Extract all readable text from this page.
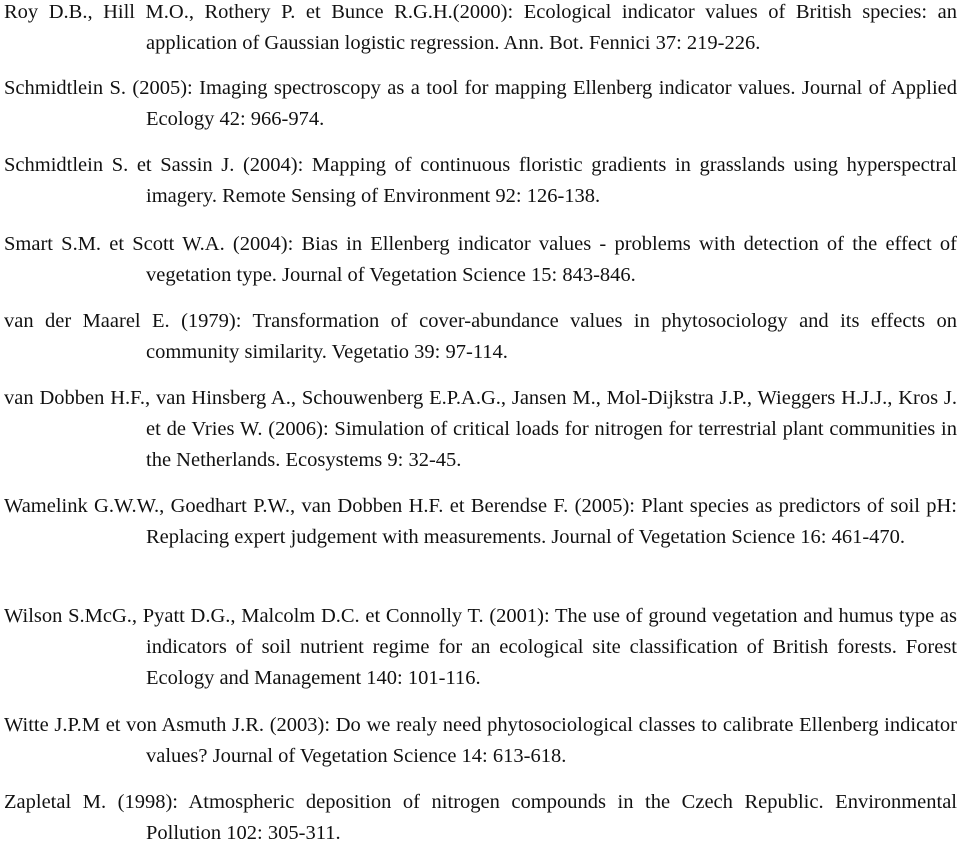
Roy D.B., Hill M.O., Rothery P. et Bunce R.G.H.(2000): Ecological indicator values of British species: an application of Gaussian logistic regression. Ann. Bot. Fennici 37: 219-226.

Schmidtlein S. (2005): Imaging spectroscopy as a tool for mapping Ellenberg indicator values. Journal of Applied Ecology 42: 966-974.

Schmidtlein S. et Sassin J. (2004): Mapping of continuous floristic gradients in grasslands using hyperspectral imagery. Remote Sensing of Environment 92: 126-138.

Smart S.M. et Scott W.A. (2004): Bias in Ellenberg indicator values - problems with detection of the effect of vegetation type. Journal of Vegetation Science 15: 843-846.

van der Maarel E. (1979): Transformation of cover-abundance values in phytosociology and its effects on community similarity. Vegetatio 39: 97-114.

van Dobben H.F., van Hinsberg A., Schouwenberg E.P.A.G., Jansen M., Mol-Dijkstra J.P., Wieggers H.J.J., Kros J. et de Vries W. (2006): Simulation of critical loads for nitrogen for terrestrial plant communities in the Netherlands. Ecosystems 9: 32-45.

Wamelink G.W.W., Goedhart P.W., van Dobben H.F. et Berendse F. (2005): Plant species as predictors of soil pH: Replacing expert judgement with measurements. Journal of Vegetation Science 16: 461-470.

Wilson S.McG., Pyatt D.G., Malcolm D.C. et Connolly T. (2001): The use of ground vegetation and humus type as indicators of soil nutrient regime for an ecological site classification of British forests. Forest Ecology and Management 140: 101-116.

Witte J.P.M et von Asmuth J.R. (2003): Do we realy need phytosociological classes to calibrate Ellenberg indicator values? Journal of Vegetation Science 14: 613-618.

Zapletal M. (1998): Atmospheric deposition of nitrogen compounds in the Czech Republic. Environmental Pollution 102: 305-311.
